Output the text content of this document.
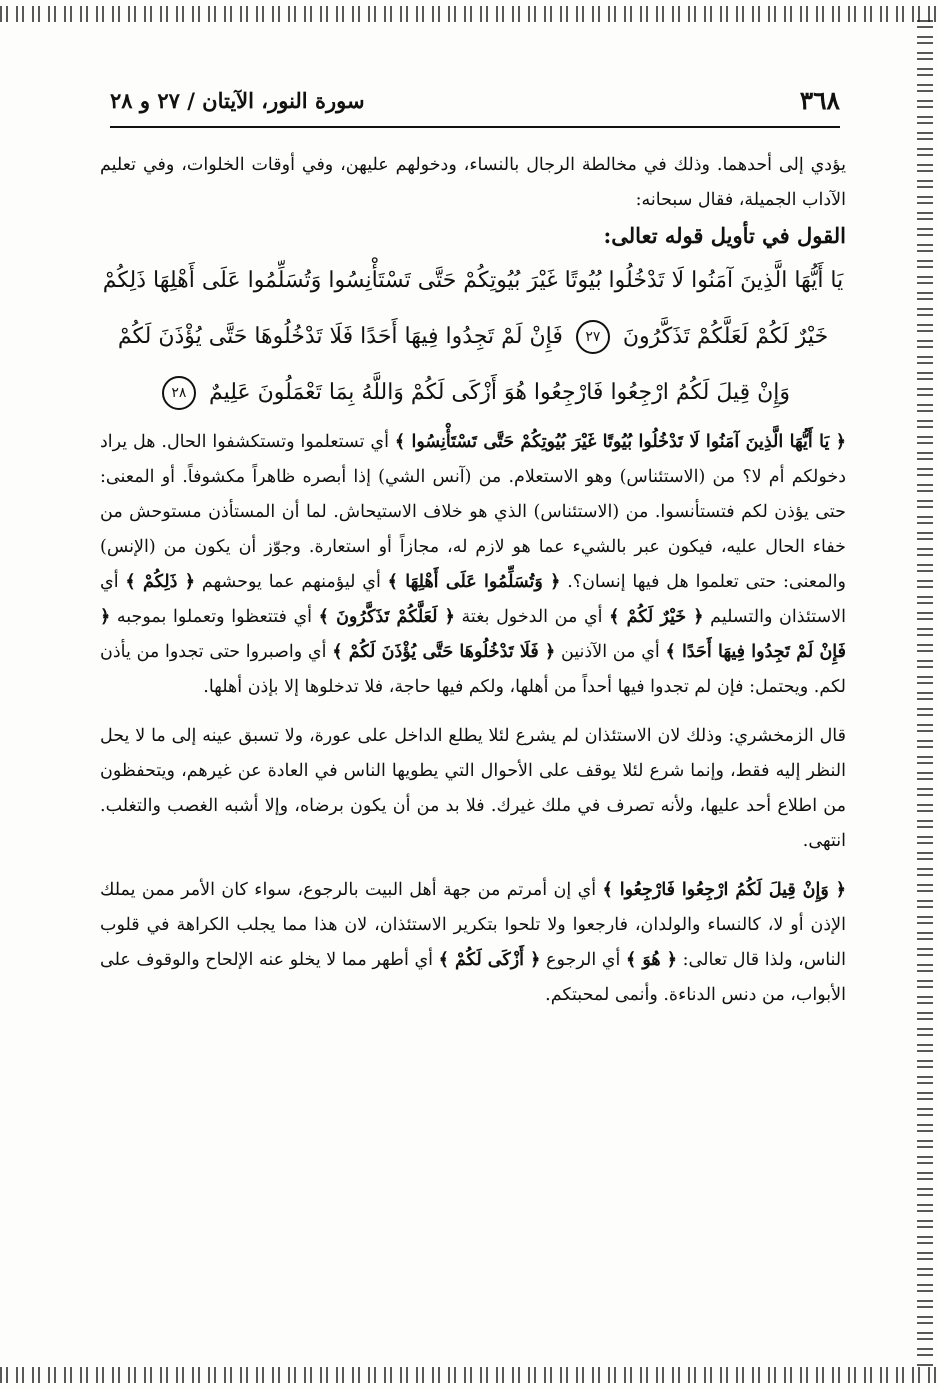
٣٦٨
سورة النور، الآيتان / ٢٧ و ٢٨

يؤدي إلى أحدهما. وذلك في مخالطة الرجال بالنساء، ودخولهم عليهن، وفي أوقات الخلوات، وفي تعليم الآداب الجميلة، فقال سبحانه:

القول في تأويل قوله تعالى:

يَا أَيُّهَا الَّذِينَ آمَنُوا لَا تَدْخُلُوا بُيُوتًا غَيْرَ بُيُوتِكُمْ حَتَّى تَسْتَأْنِسُوا وَتُسَلِّمُوا عَلَى أَهْلِهَا ذَلِكُمْ خَيْرٌ لَكُمْ لَعَلَّكُمْ تَذَكَّرُونَ ٢٧ فَإِنْ لَمْ تَجِدُوا فِيهَا أَحَدًا فَلَا تَدْخُلُوهَا حَتَّى يُؤْذَنَ لَكُمْ وَإِنْ قِيلَ لَكُمُ ارْجِعُوا فَارْجِعُوا هُوَ أَزْكَى لَكُمْ وَاللَّهُ بِمَا تَعْمَلُونَ عَلِيمٌ ٢٨

﴿ يَا أَيُّهَا الَّذِينَ آمَنُوا لَا تَدْخُلُوا بُيُوتًا غَيْرَ بُيُوتِكُمْ حَتَّى تَسْتَأْنِسُوا ﴾ أي تستعلموا وتستكشفوا الحال. هل يراد دخولكم أم لا؟ من (الاستئناس) وهو الاستعلام. من (آنس الشي) إذا أبصره ظاهراً مكشوفاً. أو المعنى: حتى يؤذن لكم فتستأنسوا. من (الاستئناس) الذي هو خلاف الاستيحاش. لما أن المستأذن مستوحش من خفاء الحال عليه، فيكون عبر بالشيء عما هو لازم له، مجازاً أو استعارة. وجوّز أن يكون من (الإنس) والمعنى: حتى تعلموا هل فيها إنسان؟. ﴿ وَتُسَلِّمُوا عَلَى أَهْلِهَا ﴾ أي ليؤمنهم عما يوحشهم ﴿ ذَلِكُمْ ﴾ أي الاستئذان والتسليم ﴿ خَيْرٌ لَكُمْ ﴾ أي من الدخول بغتة ﴿ لَعَلَّكُمْ تَذَكَّرُونَ ﴾ أي فتتعظوا وتعملوا بموجبه ﴿ فَإِنْ لَمْ تَجِدُوا فِيهَا أَحَدًا ﴾ أي من الآذنين ﴿ فَلَا تَدْخُلُوهَا حَتَّى يُؤْذَنَ لَكُمْ ﴾ أي واصبروا حتى تجدوا من يأذن لكم. ويحتمل: فإن لم تجدوا فيها أحداً من أهلها، ولكم فيها حاجة، فلا تدخلوها إلا بإذن أهلها.

قال الزمخشري: وذلك لان الاستئذان لم يشرع لئلا يطلع الداخل على عورة، ولا تسبق عينه إلى ما لا يحل النظر إليه فقط، وإنما شرع لئلا يوقف على الأحوال التي يطويها الناس في العادة عن غيرهم، ويتحفظون من اطلاع أحد عليها، ولأنه تصرف في ملك غيرك. فلا بد من أن يكون برضاه، وإلا أشبه الغصب والتغلب. انتهى.

﴿ وَإِنْ قِيلَ لَكُمُ ارْجِعُوا فَارْجِعُوا ﴾ أي إن أمرتم من جهة أهل البيت بالرجوع، سواء كان الأمر ممن يملك الإذن أو لا، كالنساء والولدان، فارجعوا ولا تلحوا بتكرير الاستئذان، لان هذا مما يجلب الكراهة في قلوب الناس، ولذا قال تعالى: ﴿ هُوَ ﴾ أي الرجوع ﴿ أَزْكَى لَكُمْ ﴾ أي أطهر مما لا يخلو عنه الإلحاح والوقوف على الأبواب، من دنس الدناءة. وأنمى لمحبتكم.
